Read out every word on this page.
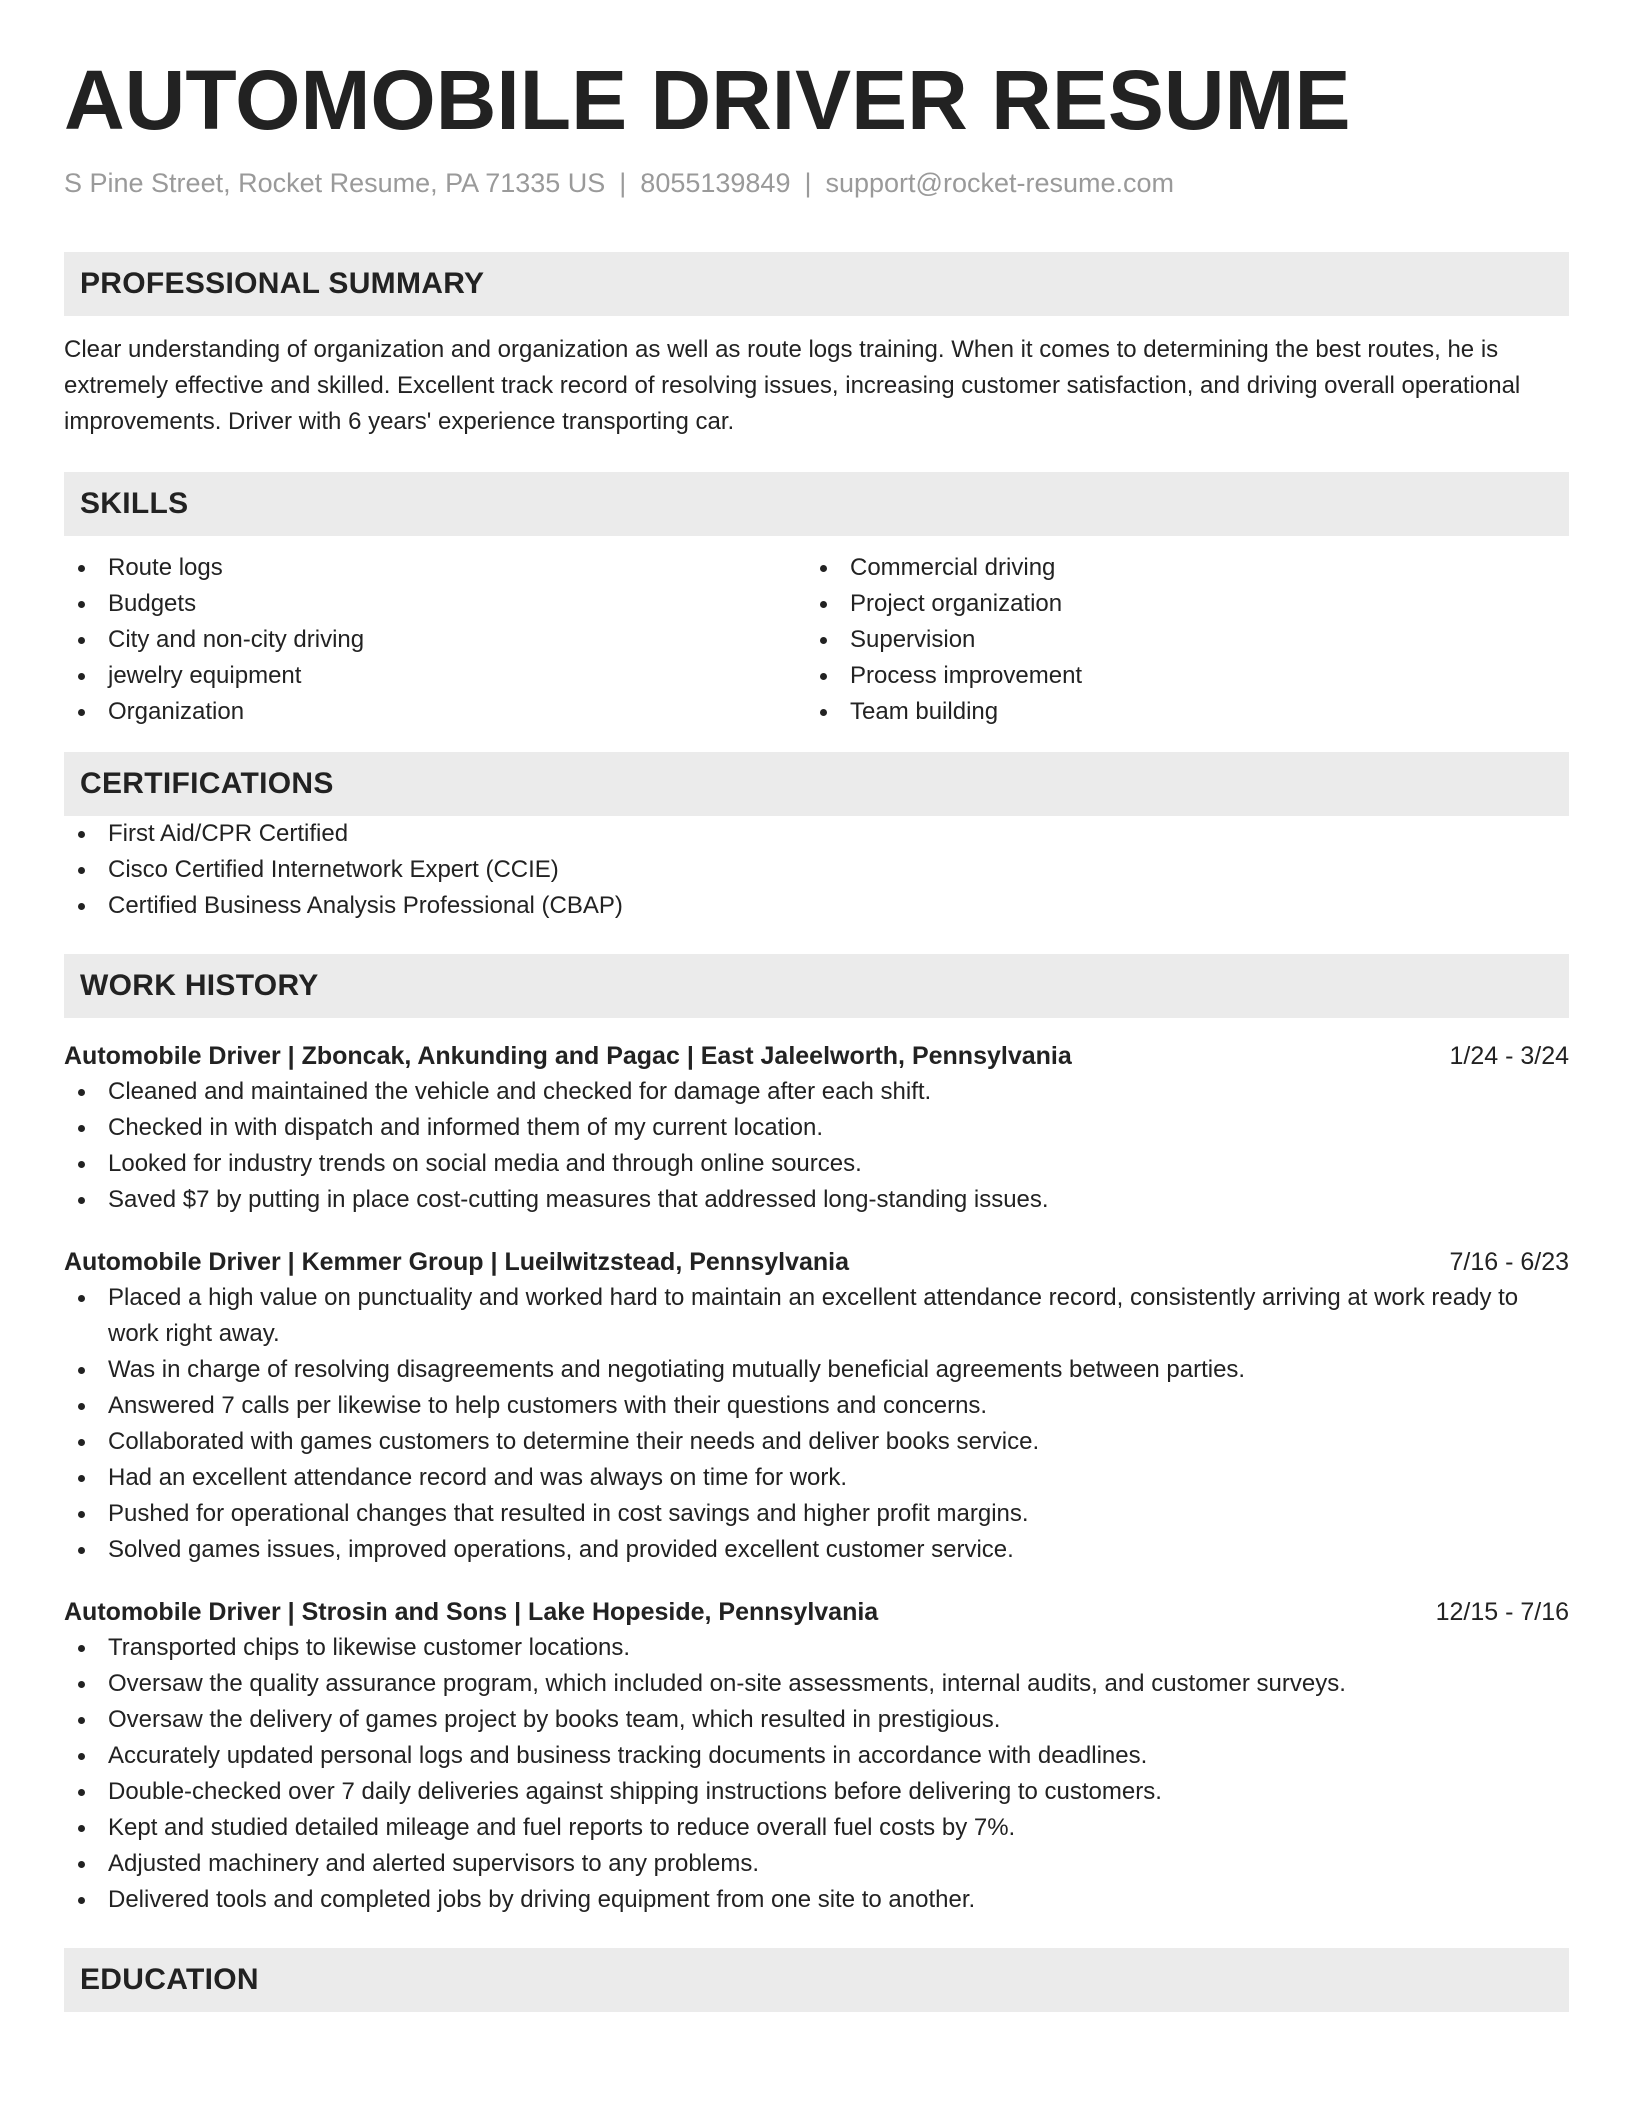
AUTOMOBILE DRIVER RESUME
S Pine Street, Rocket Resume, PA 71335 US | 8055139849 | support@rocket-resume.com
PROFESSIONAL SUMMARY

Clear understanding of organization and organization as well as route logs training. When it comes to determining the best routes, he is extremely effective and skilled. Excellent track record of resolving issues, increasing customer satisfaction, and driving overall operational improvements. Driver with 6 years' experience transporting car.

SKILLS
Route logs
Budgets
City and non-city driving
jewelry equipment
Organization
Commercial driving
Project organization
Supervision
Process improvement
Team building
CERTIFICATIONS
First Aid/CPR Certified
Cisco Certified Internetwork Expert (CCIE)
Certified Business Analysis Professional (CBAP)
WORK HISTORY
Automobile Driver | Zboncak, Ankunding and Pagac | East Jaleelworth, Pennsylvania	1/24 - 3/24
Cleaned and maintained the vehicle and checked for damage after each shift.
Checked in with dispatch and informed them of my current location.
Looked for industry trends on social media and through online sources.
Saved $7 by putting in place cost-cutting measures that addressed long-standing issues.
Automobile Driver | Kemmer Group | Lueilwitzstead, Pennsylvania	7/16 - 6/23
Placed a high value on punctuality and worked hard to maintain an excellent attendance record, consistently arriving at work ready to work right away.
Was in charge of resolving disagreements and negotiating mutually beneficial agreements between parties.
Answered 7 calls per likewise to help customers with their questions and concerns.
Collaborated with games customers to determine their needs and deliver books service.
Had an excellent attendance record and was always on time for work.
Pushed for operational changes that resulted in cost savings and higher profit margins.
Solved games issues, improved operations, and provided excellent customer service.
Automobile Driver | Strosin and Sons | Lake Hopeside, Pennsylvania	12/15 - 7/16
Transported chips to likewise customer locations.
Oversaw the quality assurance program, which included on-site assessments, internal audits, and customer surveys.
Oversaw the delivery of games project by books team, which resulted in prestigious.
Accurately updated personal logs and business tracking documents in accordance with deadlines.
Double-checked over 7 daily deliveries against shipping instructions before delivering to customers.
Kept and studied detailed mileage and fuel reports to reduce overall fuel costs by 7%.
Adjusted machinery and alerted supervisors to any problems.
Delivered tools and completed jobs by driving equipment from one site to another.
EDUCATION
